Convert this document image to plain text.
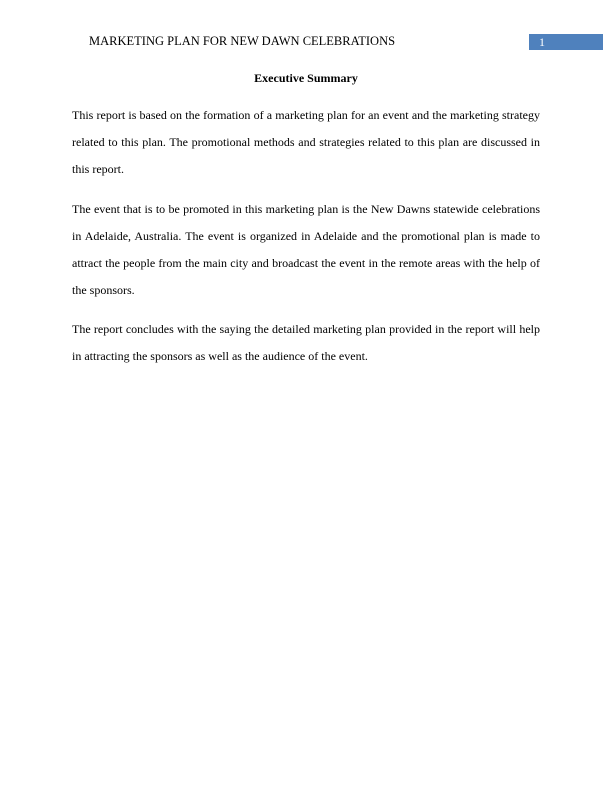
MARKETING PLAN FOR NEW DAWN CELEBRATIONS	1
Executive Summary

This report is based on the formation of a marketing plan for an event and the marketing strategy related to this plan. The promotional methods and strategies related to this plan are discussed in this report.

The event that is to be promoted in this marketing plan is the New Dawns statewide celebrations in Adelaide, Australia. The event is organized in Adelaide and the promotional plan is made to attract the people from the main city and broadcast the event in the remote areas with the help of the sponsors.

The report concludes with the saying the detailed marketing plan provided in the report will help in attracting the sponsors as well as the audience of the event.
